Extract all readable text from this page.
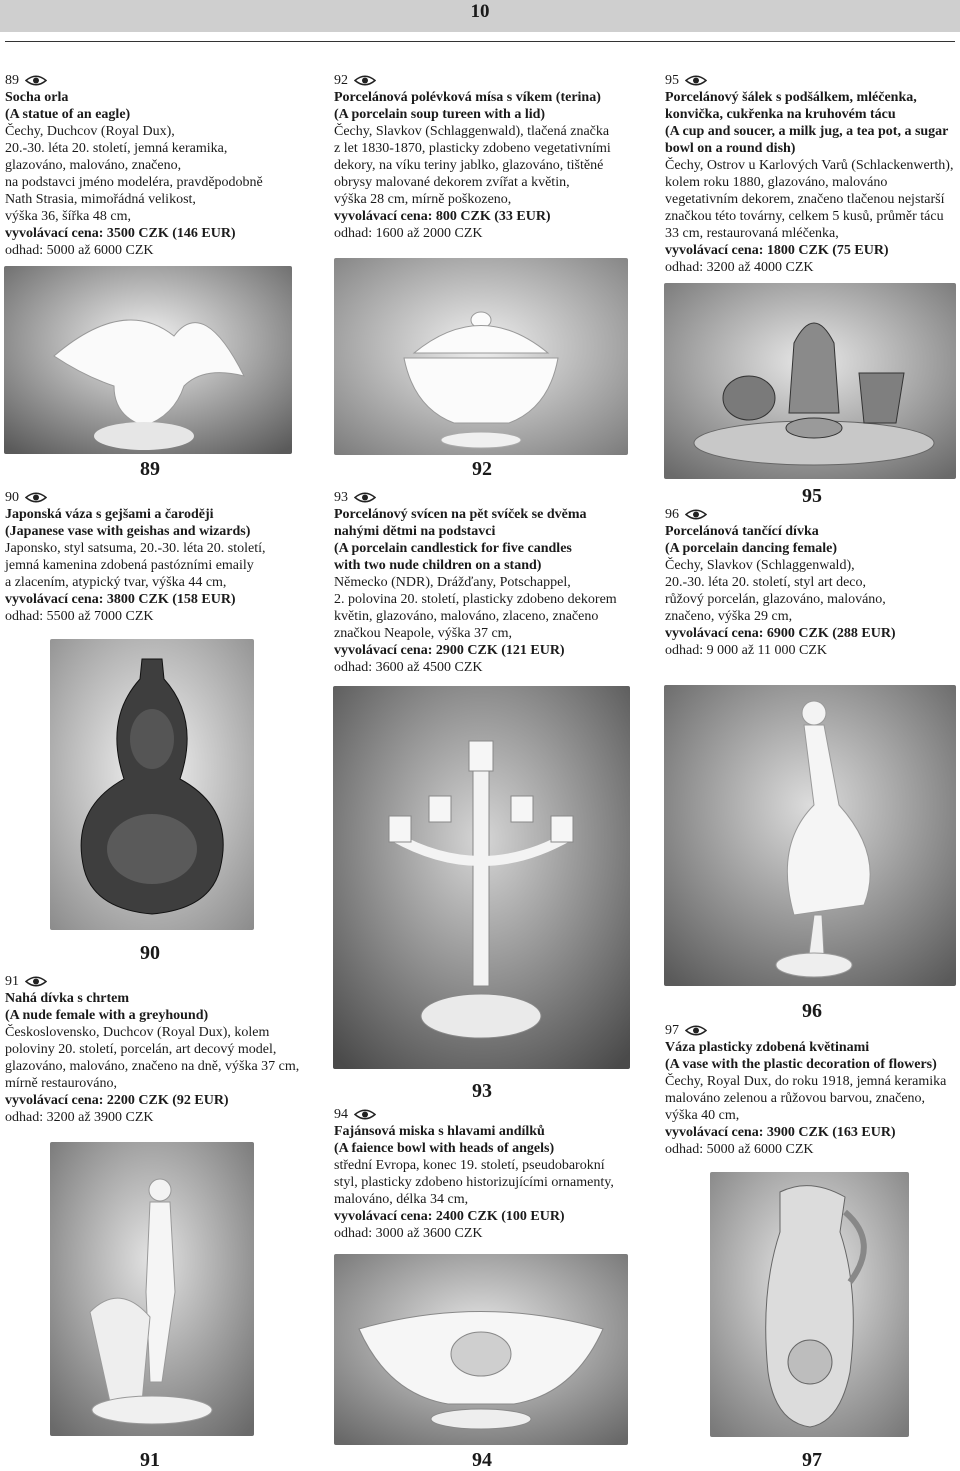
10
89
Socha orla
(A statue of an eagle)
Čechy, Duchcov (Royal Dux),
20.-30. léta 20. století, jemná keramika,
glazováno, malováno, značeno,
na podstavci jméno modeléra, pravděpodobně
Nath Strasia, mimořádná velikost,
výška 36, šířka 48 cm,
vyvolávací cena: 3500 CZK (146 EUR)
odhad: 5000 až 6000 CZK
89
92
Porcelánová polévková mísa s víkem (terina)
(A porcelain soup tureen with a lid)
Čechy, Slavkov (Schlaggenwald), tlačená značka
z let 1830-1870, plasticky zdobeno vegetativními
dekory, na víku teriny jablko, glazováno, tištěné
obrysy malované dekorem zvířat a květin,
výška 28 cm, mírně poškozeno,
vyvolávací cena: 800 CZK (33 EUR)
odhad: 1600 až 2000 CZK
92
95
Porcelánový šálek s podšálkem, mléčenka,
konvička, cukřenka na kruhovém tácu
(A cup and soucer, a milk jug, a tea pot, a sugar
bowl on a round dish)
Čechy, Ostrov u Karlových Varů (Schlackenwerth),
kolem roku 1880, glazováno, malováno
vegetativním dekorem, značeno tlačenou nejstarší
značkou této továrny, celkem 5 kusů, průměr tácu
33 cm, restaurovaná mléčenka,
vyvolávací cena: 1800 CZK (75 EUR)
odhad: 3200 až 4000 CZK
95
90
Japonská váza s gejšami a čaroději
(Japanese vase with geishas and wizards)
Japonsko, styl satsuma, 20.-30. léta 20. století,
jemná kamenina zdobená pastózními emaily
a zlacením, atypický tvar, výška 44 cm,
vyvolávací cena: 3800 CZK (158 EUR)
odhad: 5500 až 7000 CZK
90
93
Porcelánový svícen na pět svíček se dvěma
nahými dětmi na podstavci
(A porcelain candlestick for five candles
with two nude children on a stand)
Německo (NDR), Drážďany, Potschappel,
2. polovina 20. století, plasticky zdobeno dekorem
květin, glazováno, malováno, zlaceno, značeno
značkou Neapole, výška 37 cm,
vyvolávací cena: 2900 CZK (121 EUR)
odhad: 3600 až 4500 CZK
93
96
Porcelánová tančící dívka
(A porcelain dancing female)
Čechy, Slavkov (Schlaggenwald),
20.-30. léta 20. století, styl art deco,
růžový porcelán, glazováno, malováno,
značeno, výška 29 cm,
vyvolávací cena: 6900 CZK (288 EUR)
odhad: 9 000 až 11 000 CZK
96
91
Nahá dívka s chrtem
(A nude female with a greyhound)
Československo, Duchcov (Royal Dux), kolem
poloviny 20. století, porcelán, art decový model,
glazováno, malováno, značeno na dně, výška 37 cm,
mírně restaurováno,
vyvolávací cena: 2200 CZK (92 EUR)
odhad: 3200 až 3900 CZK
91
94
Fajánsová miska s hlavami andílků
(A faience bowl with heads of angels)
střední Evropa, konec 19. století, pseudobarokní
styl, plasticky zdobeno historizujícími ornamenty,
malováno, délka 34 cm,
vyvolávací cena: 2400 CZK (100 EUR)
odhad: 3000 až 3600 CZK
94
97
Váza plasticky zdobená květinami
(A vase with the plastic decoration of flowers)
Čechy, Royal Dux, do roku 1918, jemná keramika
malováno zelenou a růžovou barvou, značeno,
výška 40 cm,
vyvolávací cena: 3900 CZK (163 EUR)
odhad: 5000 až 6000 CZK
97
